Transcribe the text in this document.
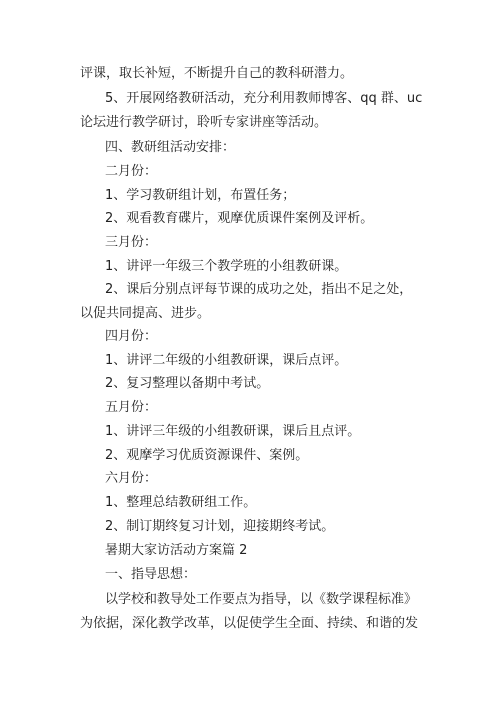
评课，取长补短，不断提升自己的教科研潜力。
5、开展网络教研活动，充分利用教师博客、qq 群、uc
论坛进行教学研讨，聆听专家讲座等活动。
四、教研组活动安排：
二月份：
1、学习教研组计划，布置任务；
2、观看教育碟片，观摩优质课件案例及评析。
三月份：
1、讲评一年级三个教学班的小组教研课。
2、课后分别点评每节课的成功之处，指出不足之处，
以促共同提高、进步。
四月份：
1、讲评二年级的小组教研课，课后点评。
2、复习整理以备期中考试。
五月份：
1、讲评三年级的小组教研课，课后且点评。
2、观摩学习优质资源课件、案例。
六月份：
1、整理总结教研组工作。
2、制订期终复习计划，迎接期终考试。
暑期大家访活动方案篇 2
一、指导思想：
以学校和教导处工作要点为指导，以《数学课程标准》
为依据，深化教学改革，以促使学生全面、持续、和谐的发
